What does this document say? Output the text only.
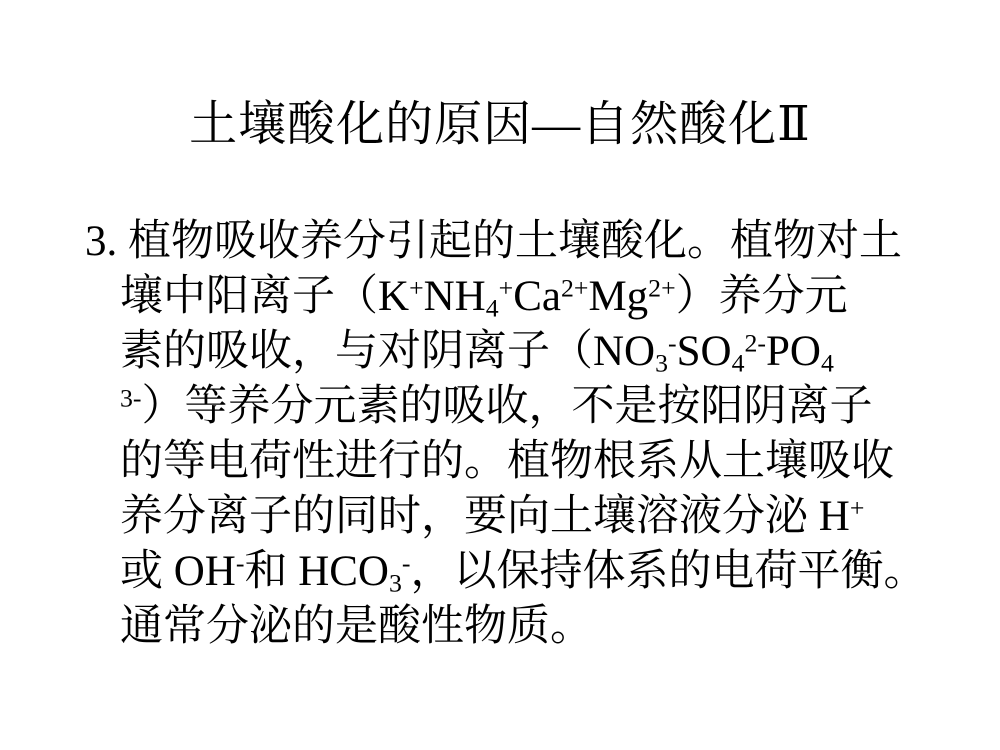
土壤酸化的原因—自然酸化Ⅱ
3. 植物吸收养分引起的土壤酸化。植物对土
壤中阳离子$(K^+NH_4^+Ca^{2+}Mg^{2+})$养分元
素的吸收，与对阴离子（$NO_3^-SO_4^{2-}PO_4$
$^{3-}$）等养分元素的吸收，不是按阳阴离子
的等电荷性进行的。植物根系从土壤吸收
养分离子的同时，要向土壤溶液分泌 H+
或 OH-和 $HCO_3^-$，以保持体系的电荷平衡。
通常分泌的是酸性物质。
